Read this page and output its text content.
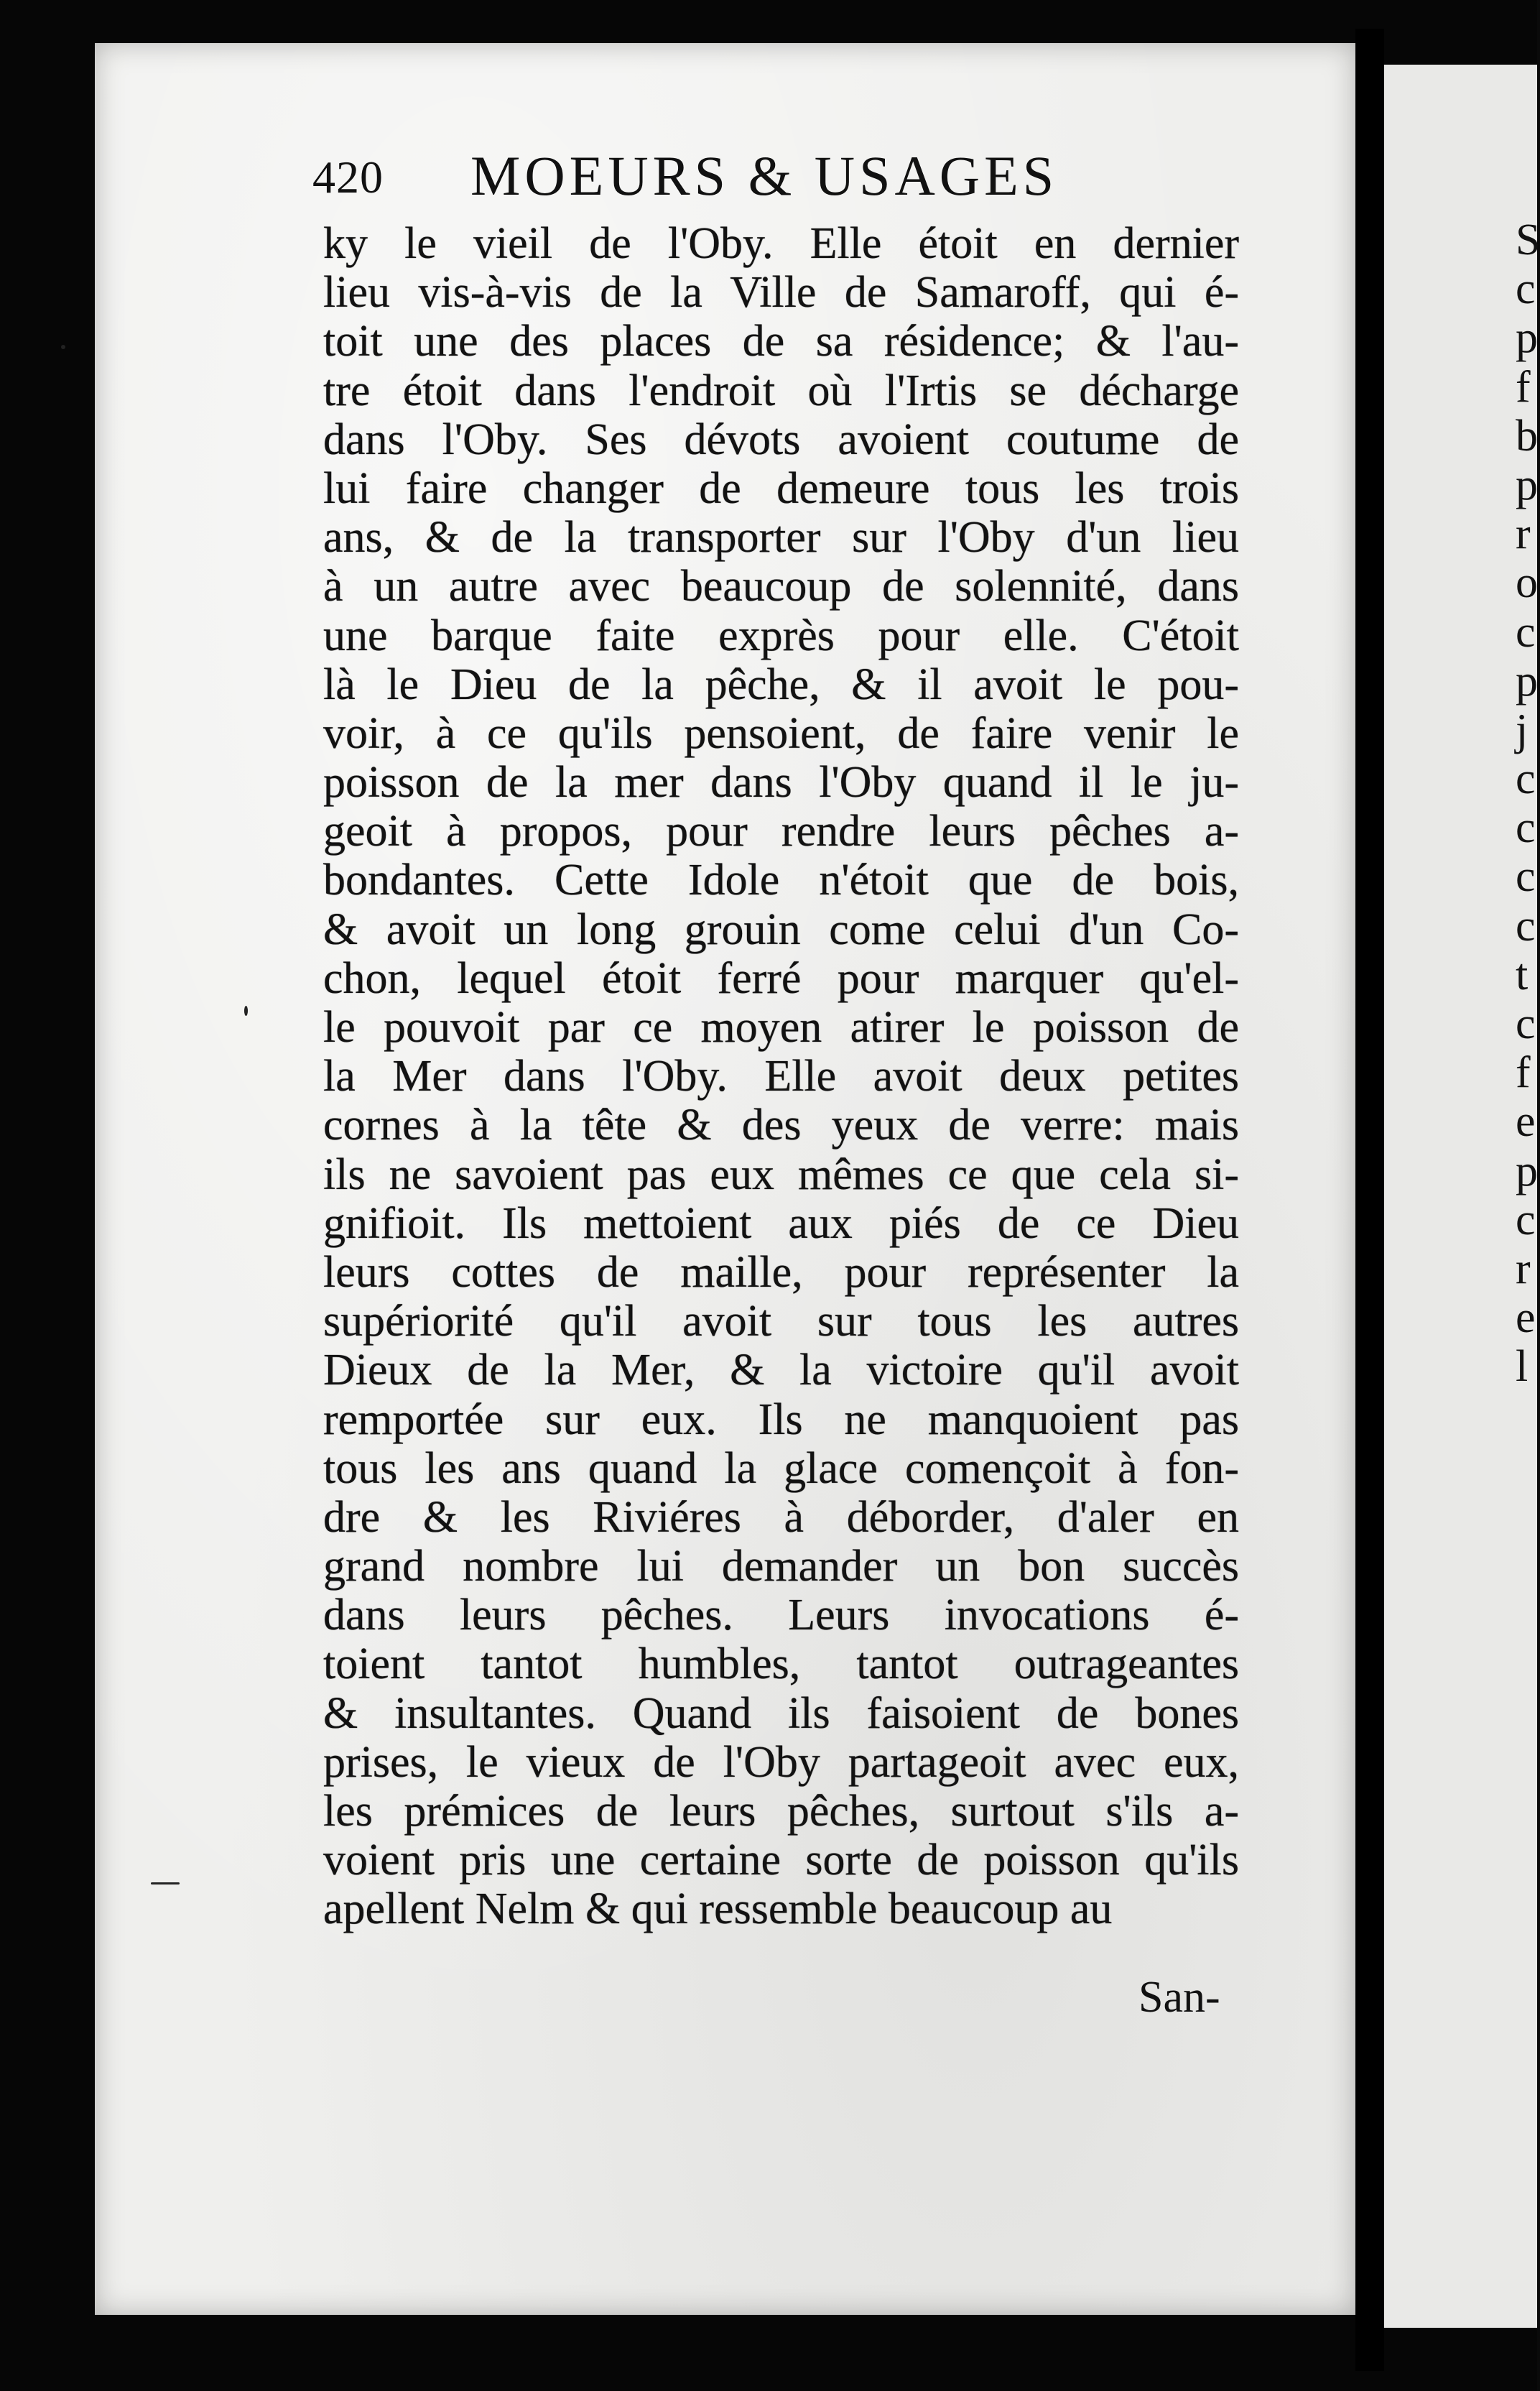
420 MOEURS & USAGES
ky le vieil de l'Oby. Elle étoit en dernier
lieu vis-à-vis de la Ville de Samaroff, qui é-
toit une des places de sa résidence; & l'au-
tre étoit dans l'endroit où l'Irtis se décharge
dans l'Oby. Ses dévots avoient coutume de
lui faire changer de demeure tous les trois
ans, & de la transporter sur l'Oby d'un lieu
à un autre avec beaucoup de solennité, dans
une barque faite exprès pour elle. C'étoit
là le Dieu de la pêche, & il avoit le pou-
voir, à ce qu'ils pensoient, de faire venir le
poisson de la mer dans l'Oby quand il le ju-
geoit à propos, pour rendre leurs pêches a-
bondantes. Cette Idole n'étoit que de bois,
& avoit un long grouin come celui d'un Co-
chon, lequel étoit ferré pour marquer qu'el-
le pouvoit par ce moyen atirer le poisson de
la Mer dans l'Oby. Elle avoit deux petites
cornes à la tête & des yeux de verre: mais
ils ne savoient pas eux mêmes ce que cela si-
gnifioit. Ils mettoient aux piés de ce Dieu
leurs cottes de maille, pour représenter la
supériorité qu'il avoit sur tous les autres
Dieux de la Mer, & la victoire qu'il avoit
remportée sur eux. Ils ne manquoient pas
tous les ans quand la glace començoit à fon-
dre & les Riviéres à déborder, d'aler en
grand nombre lui demander un bon succès
dans leurs pêches. Leurs invocations é-
toient tantot humbles, tantot outrageantes
& insultantes. Quand ils faisoient de bones
prises, le vieux de l'Oby partageoit avec eux,
les prémices de leurs pêches, surtout s'ils a-
voient pris une certaine sorte de poisson qu'ils
apellent Nelm & qui ressemble beaucoup au
San-
S
c
p
f
b
p
r
o
c
p
j
c
c
c
c
t
c
f
e
p
c
r
e
l
